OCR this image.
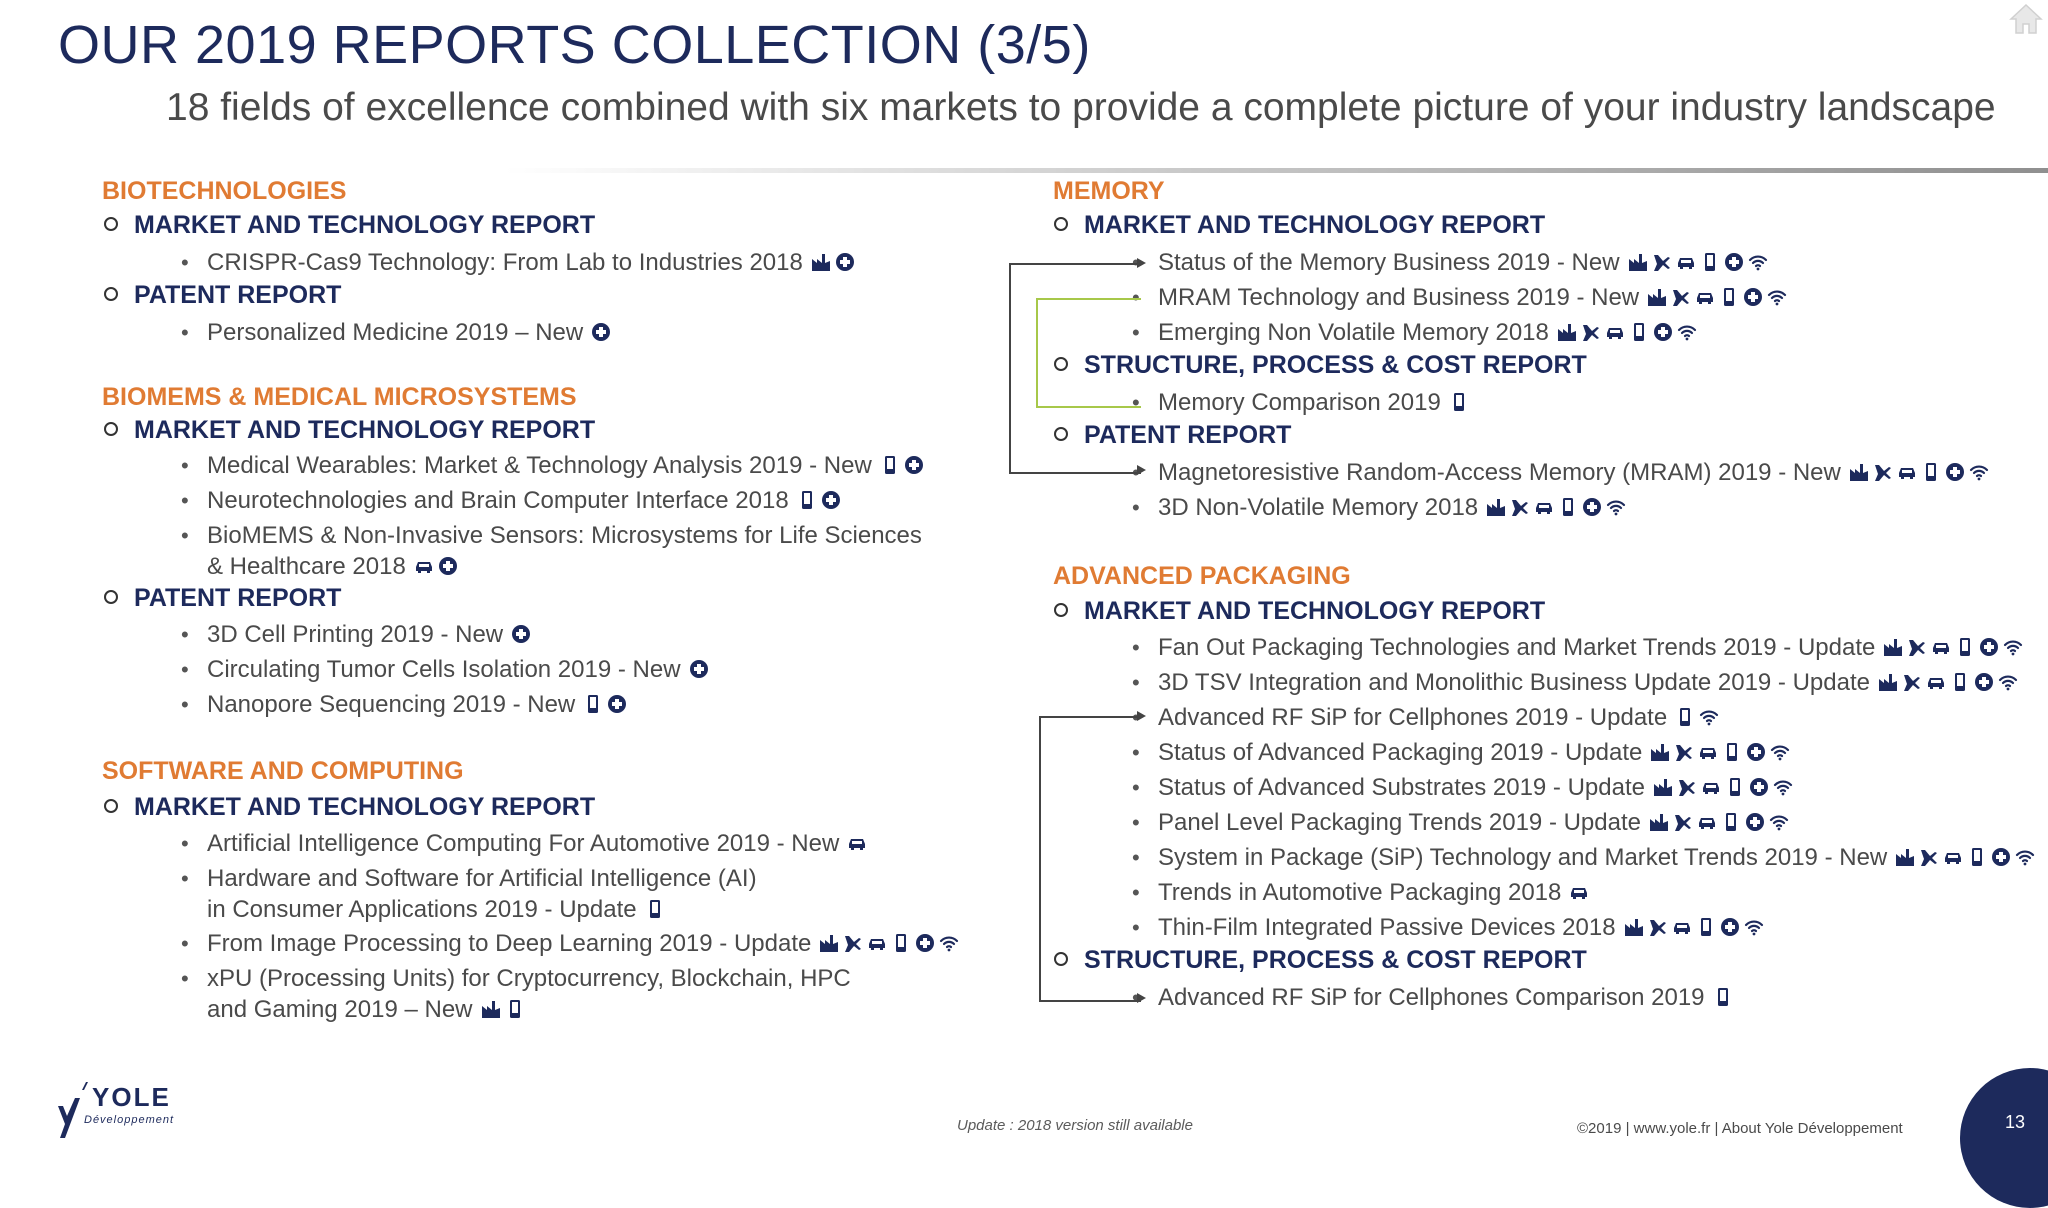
OUR 2019 REPORTS COLLECTION (3/5)
18 fields of excellence combined with six markets to provide a complete picture of your industry landscape
BIOTECHNOLOGIES
MARKET AND TECHNOLOGY REPORT
• CRISPR-Cas9 Technology: From Lab to Industries 2018
PATENT REPORT
• Personalized Medicine 2019 – New
BIOMEMS & MEDICAL MICROSYSTEMS
MARKET AND TECHNOLOGY REPORT
• Medical Wearables: Market & Technology Analysis 2019 - New
• Neurotechnologies and Brain Computer Interface 2018
• BioMEMS & Non-Invasive Sensors: Microsystems for Life Sciences
& Healthcare 2018
PATENT REPORT
• 3D Cell Printing 2019 - New
• Circulating Tumor Cells Isolation 2019 - New
• Nanopore Sequencing 2019 - New
SOFTWARE AND COMPUTING
MARKET AND TECHNOLOGY REPORT
• Artificial Intelligence Computing For Automotive 2019 - New
• Hardware and Software for Artificial Intelligence (AI)
in Consumer Applications 2019 - Update
• From Image Processing to Deep Learning 2019 - Update
• xPU (Processing Units) for Cryptocurrency, Blockchain, HPC
and Gaming 2019 – New
MEMORY
MARKET AND TECHNOLOGY REPORT
• Status of the Memory Business 2019 - New
• MRAM Technology and Business 2019 - New
• Emerging Non Volatile Memory 2018
STRUCTURE, PROCESS & COST REPORT
• Memory Comparison 2019
PATENT REPORT
• Magnetoresistive Random-Access Memory (MRAM) 2019 - New
• 3D Non-Volatile Memory 2018
ADVANCED PACKAGING
MARKET AND TECHNOLOGY REPORT
• Fan Out Packaging Technologies and Market Trends 2019 - Update
• 3D TSV Integration and Monolithic Business Update 2019 - Update
• Advanced RF SiP for Cellphones 2019 - Update
• Status of Advanced Packaging 2019 - Update
• Status of Advanced Substrates 2019 - Update
• Panel Level Packaging Trends 2019 - Update
• System in Package (SiP) Technology and Market Trends 2019 - New
• Trends in Automotive Packaging 2018
• Thin-Film Integrated Passive Devices 2018
STRUCTURE, PROCESS & COST REPORT
• Advanced RF SiP for Cellphones Comparison 2019
YOLE
Développement	Update : 2018 version still available	©2019 | www.yole.fr | About Yole Développement	13
